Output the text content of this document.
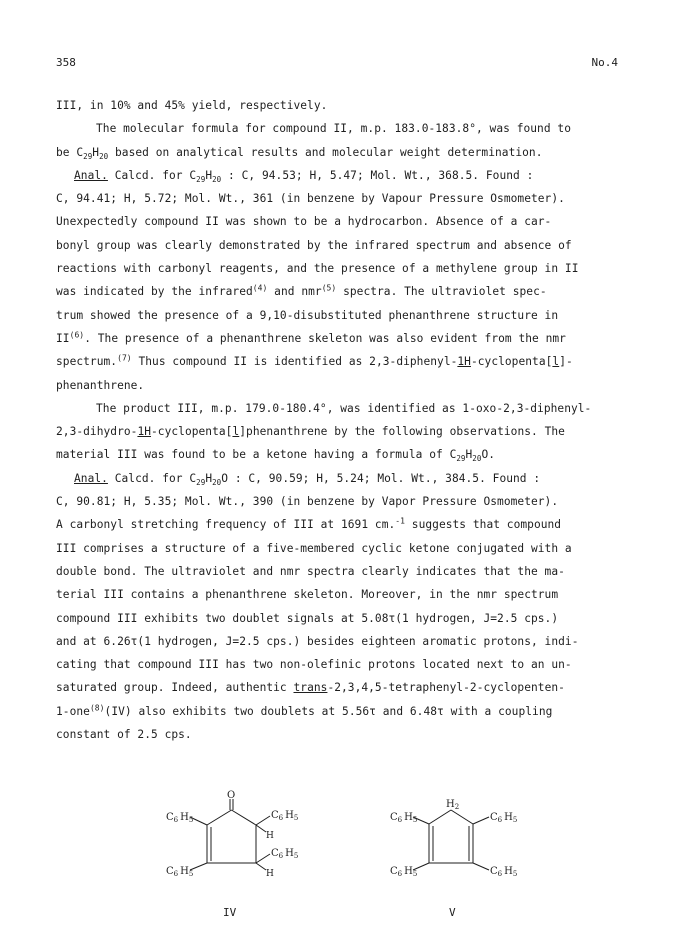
358	No.4
III, in 10% and 45% yield, respectively.
The molecular formula for compound II, m.p. 183.0-183.8°, was found to
be $C_{29}H_{20}$ based on analytical results and molecular weight determination.
Anal. Calcd. for $C_{29}H_{20}$ : C, 94.53; H, 5.47; Mol. Wt., 368.5. Found :
C, 94.41; H, 5.72; Mol. Wt., 361 (in benzene by Vapour Pressure Osmometer).
Unexpectedly compound II was shown to be a hydrocarbon. Absence of a car-
bonyl group was clearly demonstrated by the infrared spectrum and absence of
reactions with carbonyl reagents, and the presence of a methylene group in II
was indicated by the infrared$^{(4)}$ and nmr$^{(5)}$ spectra. The ultraviolet spec-
trum showed the presence of a 9,10-disubstituted phenanthrene structure in
II$^{(6)}$. The presence of a phenanthrene skeleton was also evident from the nmr
spectrum.$^{(7)}$ Thus compound II is identified as 2,3-diphenyl-1H-cyclopenta[l]-
phenanthrene.
The product III, m.p. 179.0-180.4°, was identified as 1-oxo-2,3-diphenyl-
2,3-dihydro-1H-cyclopenta[l]phenanthrene by the following observations. The
material III was found to be a ketone having a formula of $C_{29}H_{20}O$.
Anal. Calcd. for $C_{29}H_{20}O$ : C, 90.59; H, 5.24; Mol. Wt., 384.5. Found :
C, 90.81; H, 5.35; Mol. Wt., 390 (in benzene by Vapor Pressure Osmometer).
A carbonyl stretching frequency of III at 1691 cm.$^{-1}$ suggests that compound
III comprises a structure of a five-membered cyclic ketone conjugated with a
double bond. The ultraviolet and nmr spectra clearly indicates that the ma-
terial III contains a phenanthrene skeleton. Moreover, in the nmr spectrum
compound III exhibits two doublet signals at 5.08τ(1 hydrogen, J=2.5 cps.)
and at 6.26τ(1 hydrogen, J=2.5 cps.) besides eighteen aromatic protons, indi-
cating that compound III has two non-olefinic protons located next to an un-
saturated group. Indeed, authentic trans-2,3,4,5-tetraphenyl-2-cyclopenten-
1-one$^{(8)}$(IV) also exhibits two doublets at 5.56τ and 6.48τ with a coupling
constant of 2.5 cps.
O
$C_6$ $H_5$	$C_6$ $H_5$
H
$C_6$ $H_5$
H
$C_6$ $H_5$
IV
$H_2$
$C_6$ $H_5$	$C_6$ $H_5$
$C_6$ $H_5$	$C_6$ $H_5$
V
